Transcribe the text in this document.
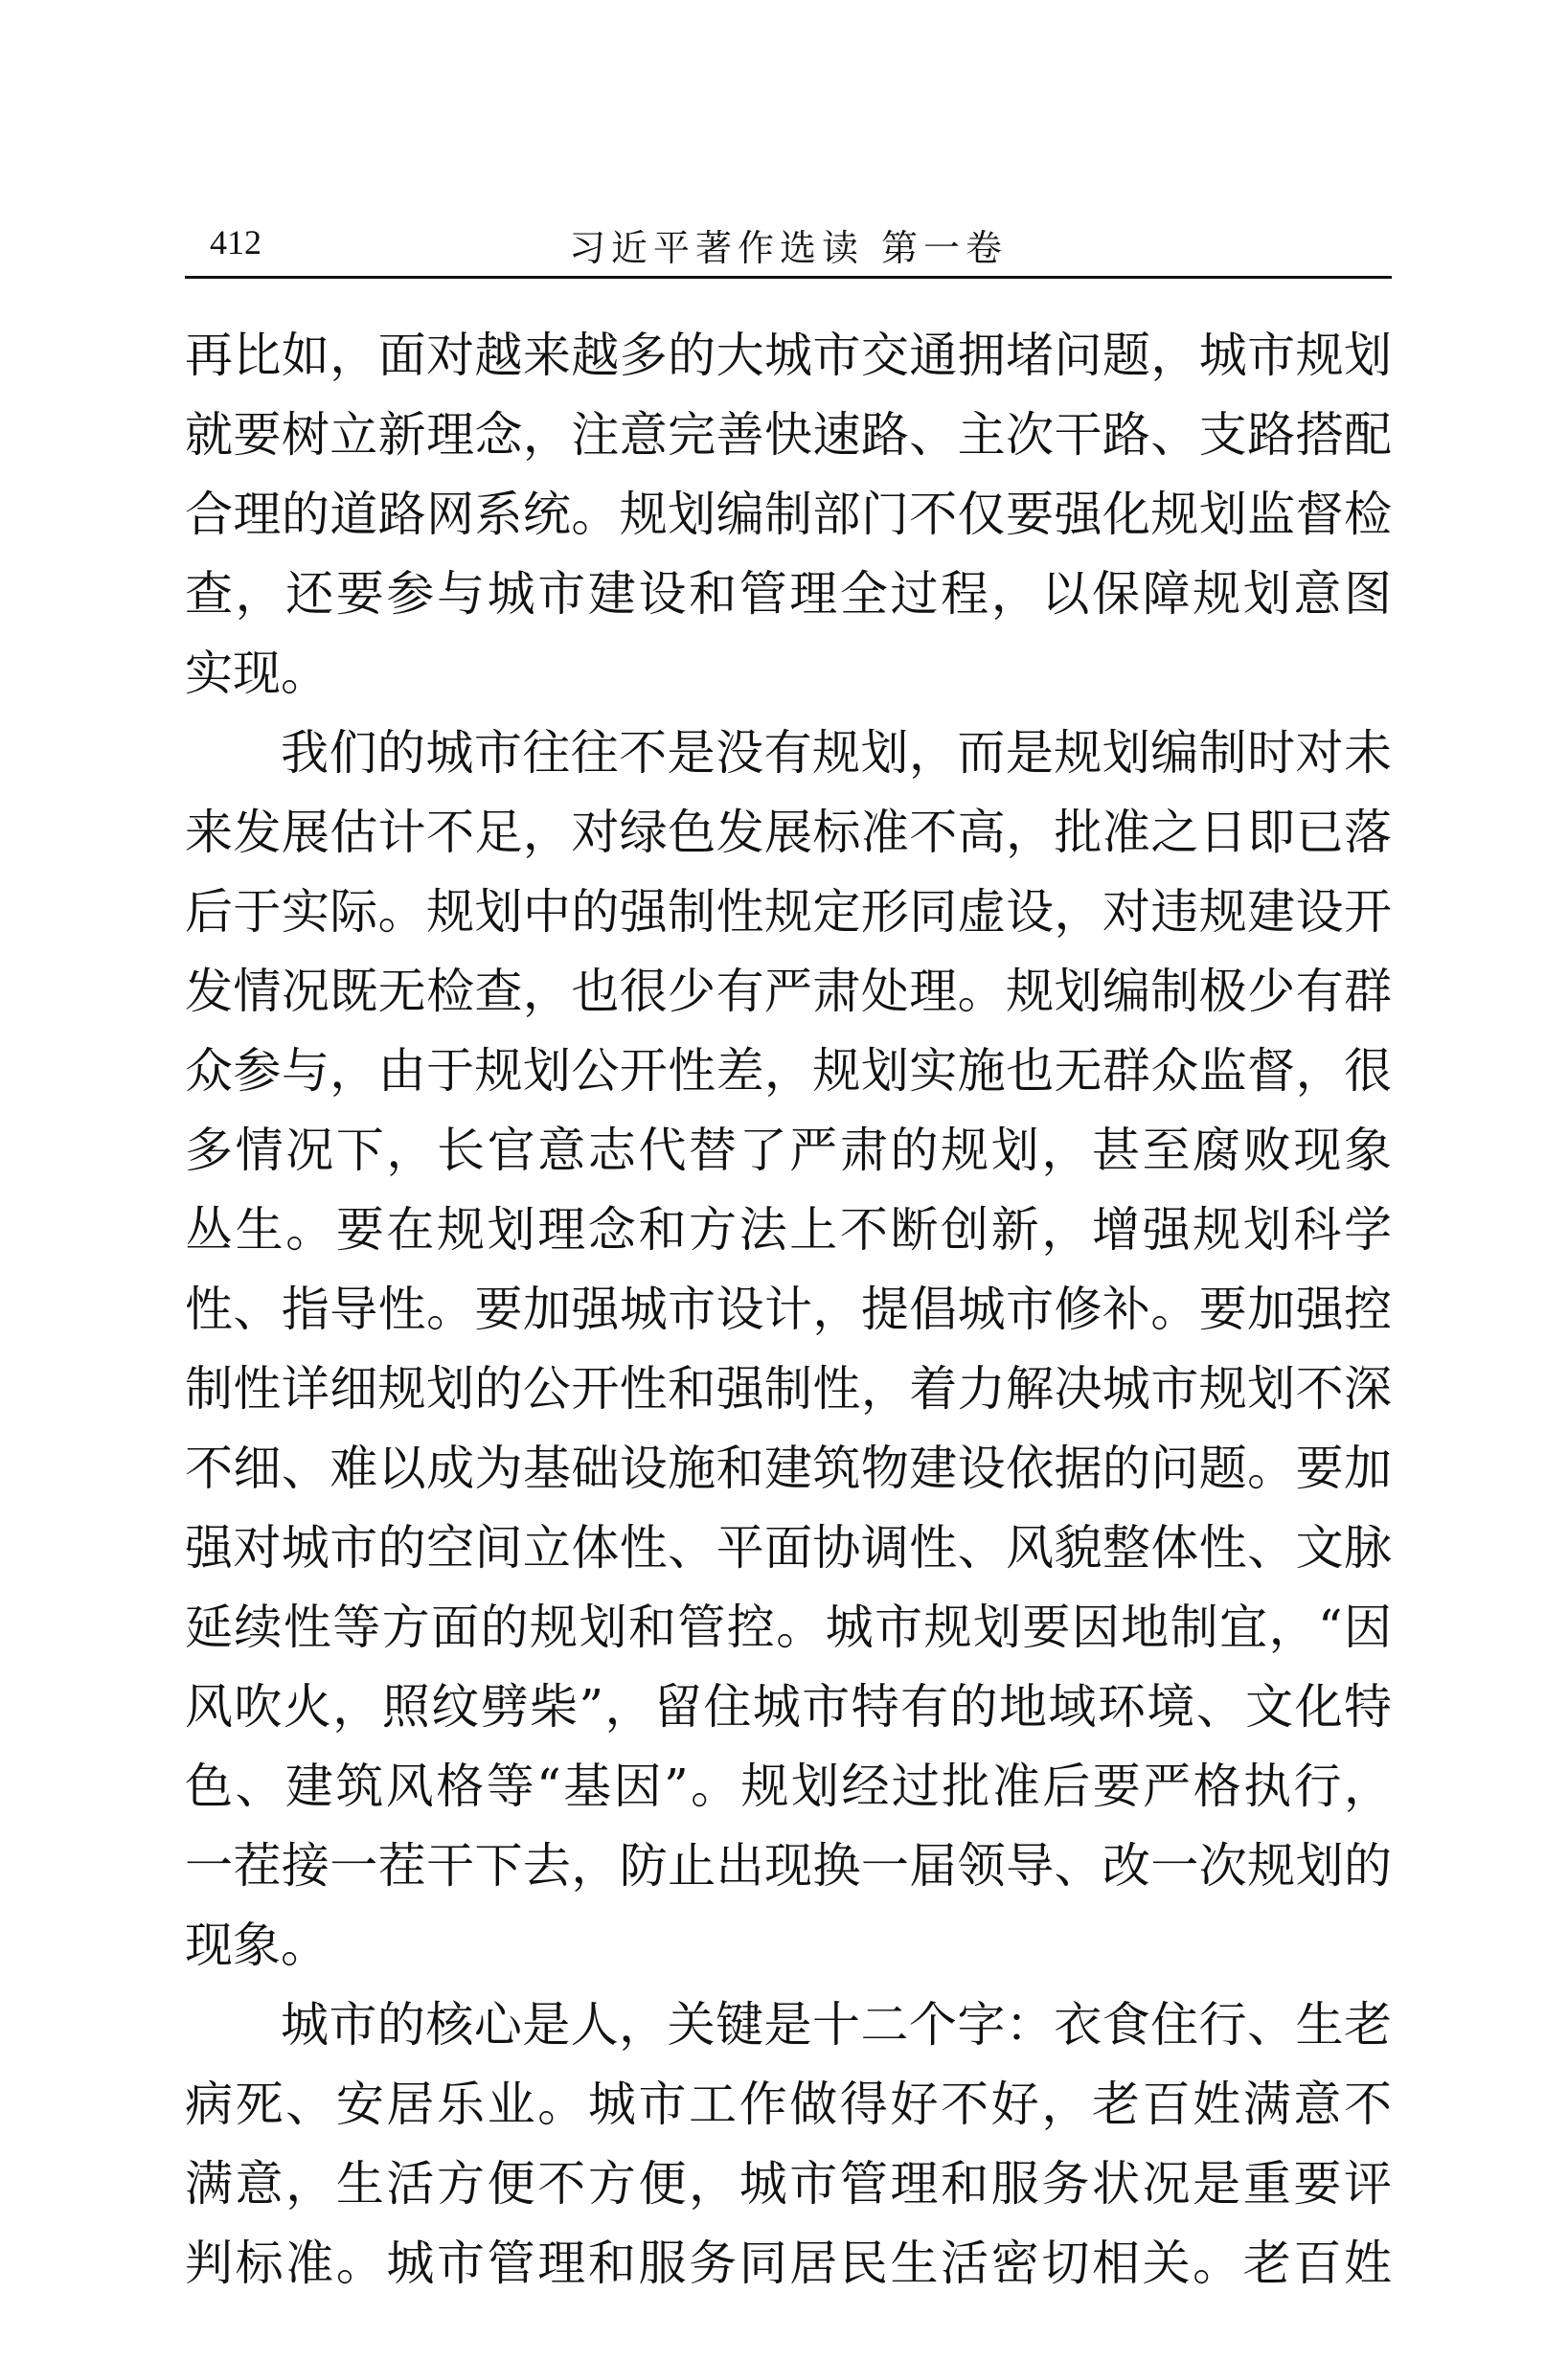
412	习近平著作选读 第一卷
再比如，面对越来越多的大城市交通拥堵问题，城市规划
就要树立新理念，注意完善快速路、主次干路、支路搭配
合理的道路网系统。规划编制部门不仅要强化规划监督检
查，还要参与城市建设和管理全过程，以保障规划意图
实现。
我们的城市往往不是没有规划，而是规划编制时对未
来发展估计不足，对绿色发展标准不高，批准之日即已落
后于实际。规划中的强制性规定形同虚设，对违规建设开
发情况既无检查，也很少有严肃处理。规划编制极少有群
众参与，由于规划公开性差，规划实施也无群众监督，很
多情况下，长官意志代替了严肃的规划，甚至腐败现象
丛生。要在规划理念和方法上不断创新，增强规划科学
性、指导性。要加强城市设计，提倡城市修补。要加强控
制性详细规划的公开性和强制性，着力解决城市规划不深
不细、难以成为基础设施和建筑物建设依据的问题。要加
强对城市的空间立体性、平面协调性、风貌整体性、文脉
延续性等方面的规划和管控。城市规划要因地制宜，“因
风吹火，照纹劈柴”，留住城市特有的地域环境、文化特
色、建筑风格等“基因”。规划经过批准后要严格执行，
一茬接一茬干下去，防止出现换一届领导、改一次规划的
现象。
城市的核心是人，关键是十二个字：衣食住行、生老
病死、安居乐业。城市工作做得好不好，老百姓满意不
满意，生活方便不方便，城市管理和服务状况是重要评
判标准。城市管理和服务同居民生活密切相关。老百姓
